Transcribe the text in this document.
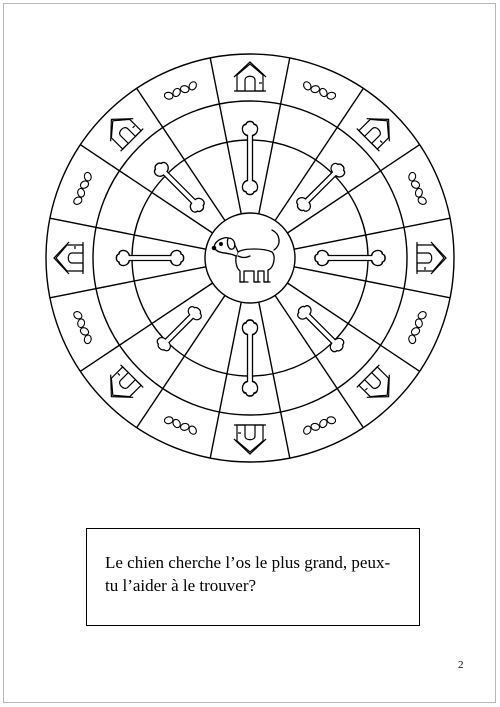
Le chien cherche l’os le plus grand, peux-tu l’aider à le trouver?
2
